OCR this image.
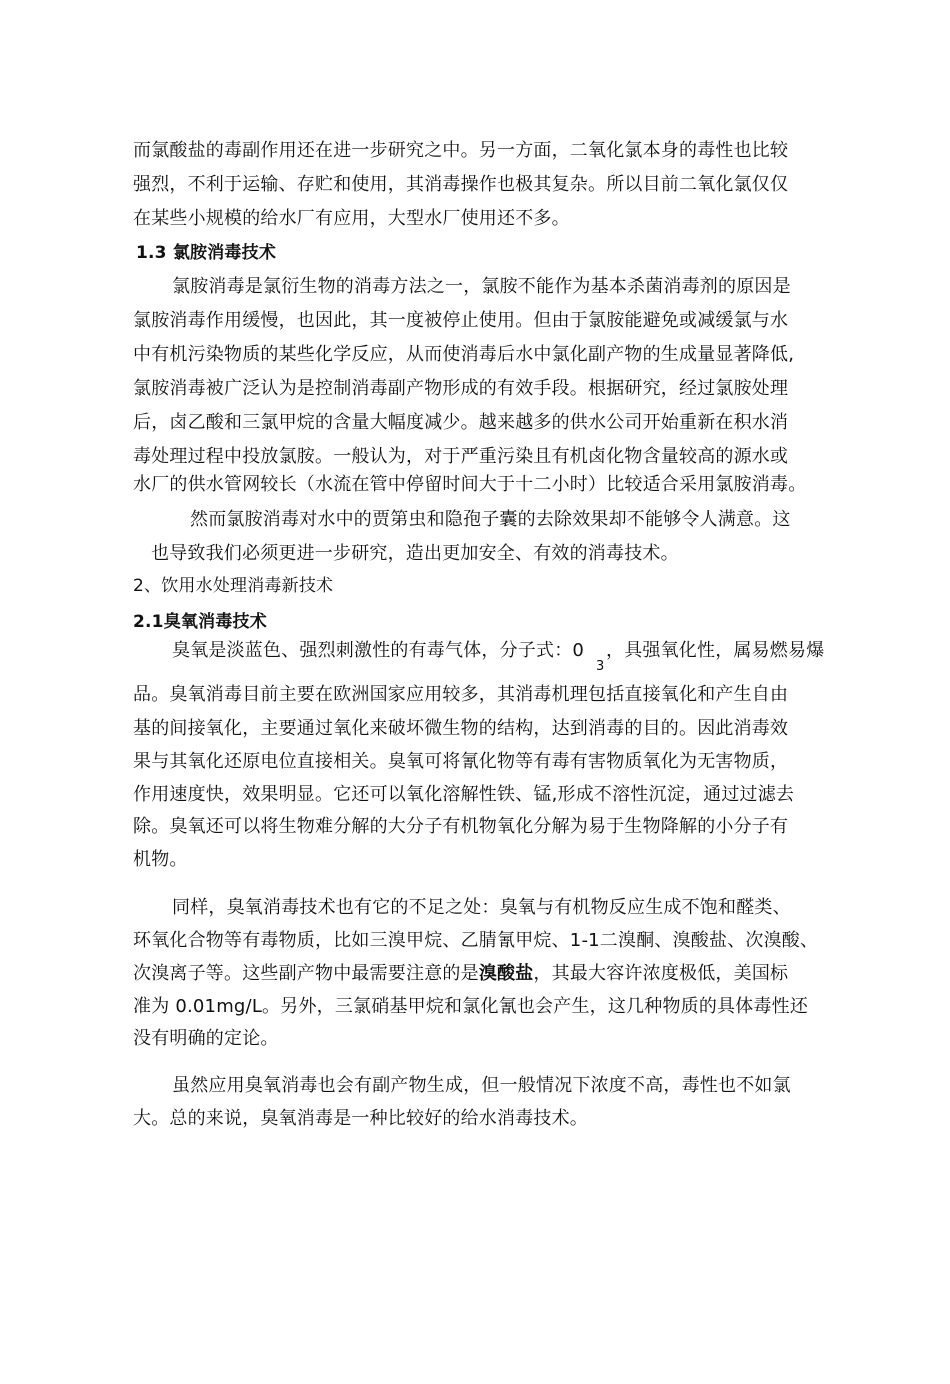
而氯酸盐的毒副作用还在进一步研究之中。另一方面，二氧化氯本身的毒性也比较
强烈，不利于运输、存贮和使用，其消毒操作也极其复杂。所以目前二氧化氯仅仅
在某些小规模的给水厂有应用，大型水厂使用还不多。
1.3 氯胺消毒技术
氯胺消毒是氯衍生物的消毒方法之一，氯胺不能作为基本杀菌消毒剂的原因是
氯胺消毒作用缓慢，也因此，其一度被停止使用。但由于氯胺能避免或减缓氯与水
中有机污染物质的某些化学反应，从而使消毒后水中氯化副产物的生成量显著降低,
氯胺消毒被广泛认为是控制消毒副产物形成的有效手段。根据研究，经过氯胺处理
后，卤乙酸和三氯甲烷的含量大幅度减少。越来越多的供水公司开始重新在积水消
毒处理过程中投放氯胺。一般认为，对于严重污染且有机卤化物含量较高的源水或
水厂的供水管网较长（水流在管中停留时间大于十二小时）比较适合采用氯胺消毒。
然而氯胺消毒对水中的贾第虫和隐孢子囊的去除效果却不能够令人满意。这
也导致我们必须更进一步研究，造出更加安全、有效的消毒技术。
2、饮用水处理消毒新技术
2.1臭氧消毒技术
臭氧是淡蓝色、强烈刺激性的有毒气体，分子式：0
3
，具强氧化性，属易燃易爆
品。臭氧消毒目前主要在欧洲国家应用较多，其消毒机理包括直接氧化和产生自由
基的间接氧化，主要通过氧化来破坏微生物的结构，达到消毒的目的。因此消毒效
果与其氧化还原电位直接相关。臭氧可将氰化物等有毒有害物质氧化为无害物质，
作用速度快，效果明显。它还可以氧化溶解性铁、锰,形成不溶性沉淀，通过过滤去
除。臭氧还可以将生物难分解的大分子有机物氧化分解为易于生物降解的小分子有
机物。
同样，臭氧消毒技术也有它的不足之处：臭氧与有机物反应生成不饱和醛类、
环氧化合物等有毒物质，比如三溴甲烷、乙腈氰甲烷、1-1二溴酮、溴酸盐、次溴酸、
次溴离子等。这些副产物中最需要注意的是溴酸盐，其最大容许浓度极低，美国标
准为 0.01mg/L。另外，三氯硝基甲烷和氯化氰也会产生，这几种物质的具体毒性还
没有明确的定论。
虽然应用臭氧消毒也会有副产物生成，但一般情况下浓度不高，毒性也不如氯
大。总的来说，臭氧消毒是一种比较好的给水消毒技术。
